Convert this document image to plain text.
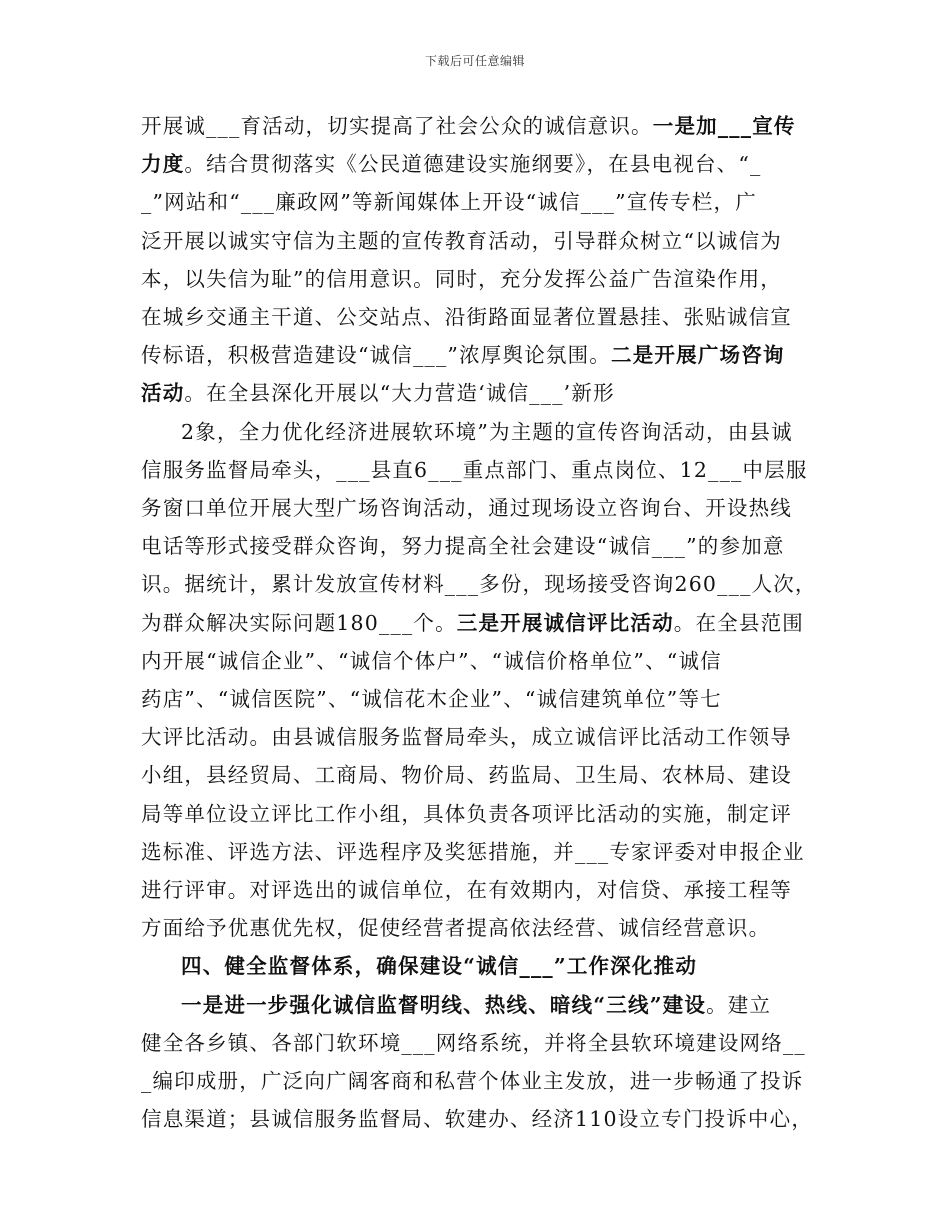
下载后可任意编辑
开展诚___育活动，切实提高了社会公众的诚信意识。一是加___宣传
力度。结合贯彻落实《公民道德建设实施纲要》，在县电视台、“_
_”网站和“___廉政网”等新闻媒体上开设“诚信___”宣传专栏，广
泛开展以诚实守信为主题的宣传教育活动，引导群众树立“以诚信为
本，以失信为耻”的信用意识。同时，充分发挥公益广告渲染作用，
在城乡交通主干道、公交站点、沿街路面显著位置悬挂、张贴诚信宣
传标语，积极营造建设“诚信___”浓厚舆论氛围。二是开展广场咨询
活动。在全县深化开展以“大力营造‘诚信___’新形
2象，全力优化经济进展软环境”为主题的宣传咨询活动，由县诚
信服务监督局牵头，___县直6___重点部门、重点岗位、12___中层服
务窗口单位开展大型广场咨询活动，通过现场设立咨询台、开设热线
电话等形式接受群众咨询，努力提高全社会建设“诚信___”的参加意
识。据统计，累计发放宣传材料___多份，现场接受咨询260___人次，
为群众解决实际问题180___个。三是开展诚信评比活动。在全县范围
内开展“诚信企业”、“诚信个体户”、“诚信价格单位”、“诚信
药店”、“诚信医院”、“诚信花木企业”、“诚信建筑单位”等七
大评比活动。由县诚信服务监督局牵头，成立诚信评比活动工作领导
小组，县经贸局、工商局、物价局、药监局、卫生局、农林局、建设
局等单位设立评比工作小组，具体负责各项评比活动的实施，制定评
选标准、评选方法、评选程序及奖惩措施，并___专家评委对申报企业
进行评审。对评选出的诚信单位，在有效期内，对信贷、承接工程等
方面给予优惠优先权，促使经营者提高依法经营、诚信经营意识。
四、健全监督体系，确保建设“诚信___”工作深化推动
一是进一步强化诚信监督明线、热线、暗线“三线”建设。建立
健全各乡镇、各部门软环境___网络系统，并将全县软环境建设网络__
_编印成册，广泛向广阔客商和私营个体业主发放，进一步畅通了投诉
信息渠道；县诚信服务监督局、软建办、经济110设立专门投诉中心，
